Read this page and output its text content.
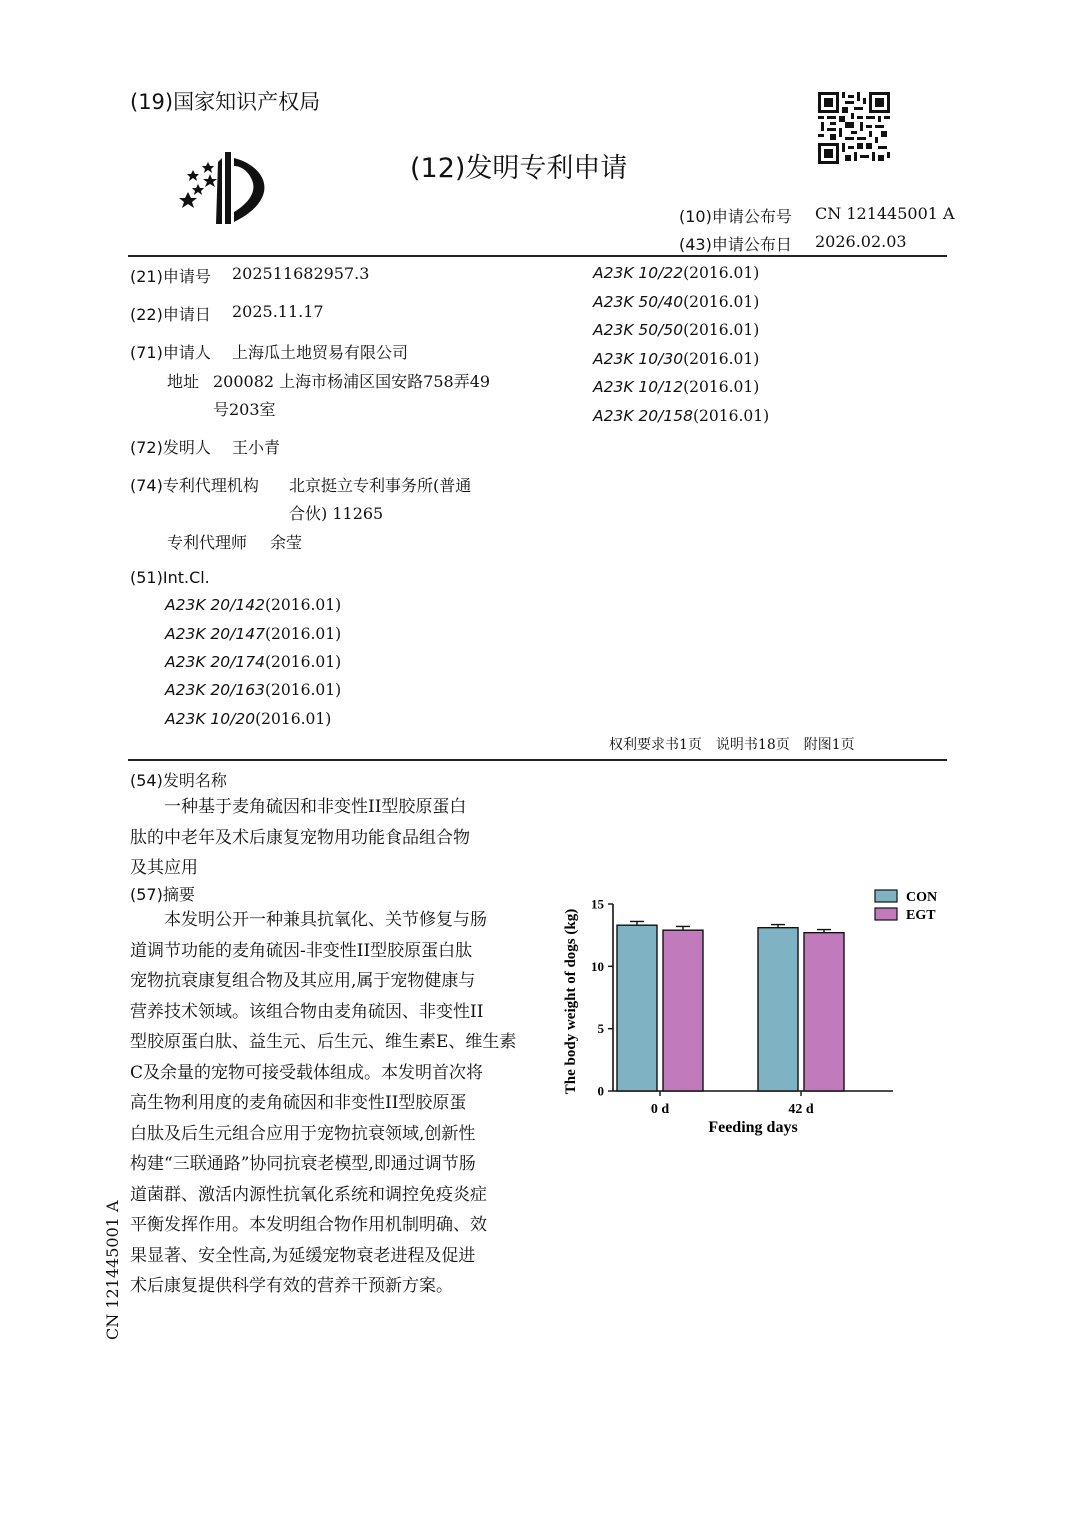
(19)国家知识产权局
(12)发明专利申请
(10)申请公布号 CN 121445001 A
(43)申请公布日 2026.02.03
(21)申请号 202511682957.3
(22)申请日 2025.11.17
(71)申请人 上海瓜土地贸易有限公司
地址 200082 上海市杨浦区国安路758弄49
号203室
(72)发明人 王小青
(74)专利代理机构 北京挺立专利事务所(普通
合伙) 11265
专利代理师 余莹
(51)Int.Cl.
A23K 20/142(2016.01)
A23K 20/147(2016.01)
A23K 20/174(2016.01)
A23K 20/163(2016.01)
A23K 10/20(2016.01)
A23K 10/22(2016.01)
A23K 50/40(2016.01)
A23K 50/50(2016.01)
A23K 10/30(2016.01)
A23K 10/12(2016.01)
A23K 20/158(2016.01)
权利要求书1页　说明书18页　附图1页
(54)发明名称
一种基于麦角硫因和非变性II型胶原蛋白
肽的中老年及术后康复宠物用功能食品组合物
及其应用
(57)摘要
本发明公开一种兼具抗氧化、关节修复与肠
道调节功能的麦角硫因-非变性II型胶原蛋白肽
宠物抗衰康复组合物及其应用,属于宠物健康与
营养技术领域。该组合物由麦角硫因、非变性II
型胶原蛋白肽、益生元、后生元、维生素E、维生素
C及余量的宠物可接受载体组成。本发明首次将
高生物利用度的麦角硫因和非变性II型胶原蛋
白肽及后生元组合应用于宠物抗衰领域,创新性
构建“三联通路”协同抗衰老模型,即通过调节肠
道菌群、激活内源性抗氧化系统和调控免疫炎症
平衡发挥作用。本发明组合物作用机制明确、效
果显著、安全性高,为延缓宠物衰老进程及促进
术后康复提供科学有效的营养干预新方案。
CN 121445001 A
0
5
10
15
0 d	42 d
Feeding days
The body weight of dogs (kg)
CON
EGT
